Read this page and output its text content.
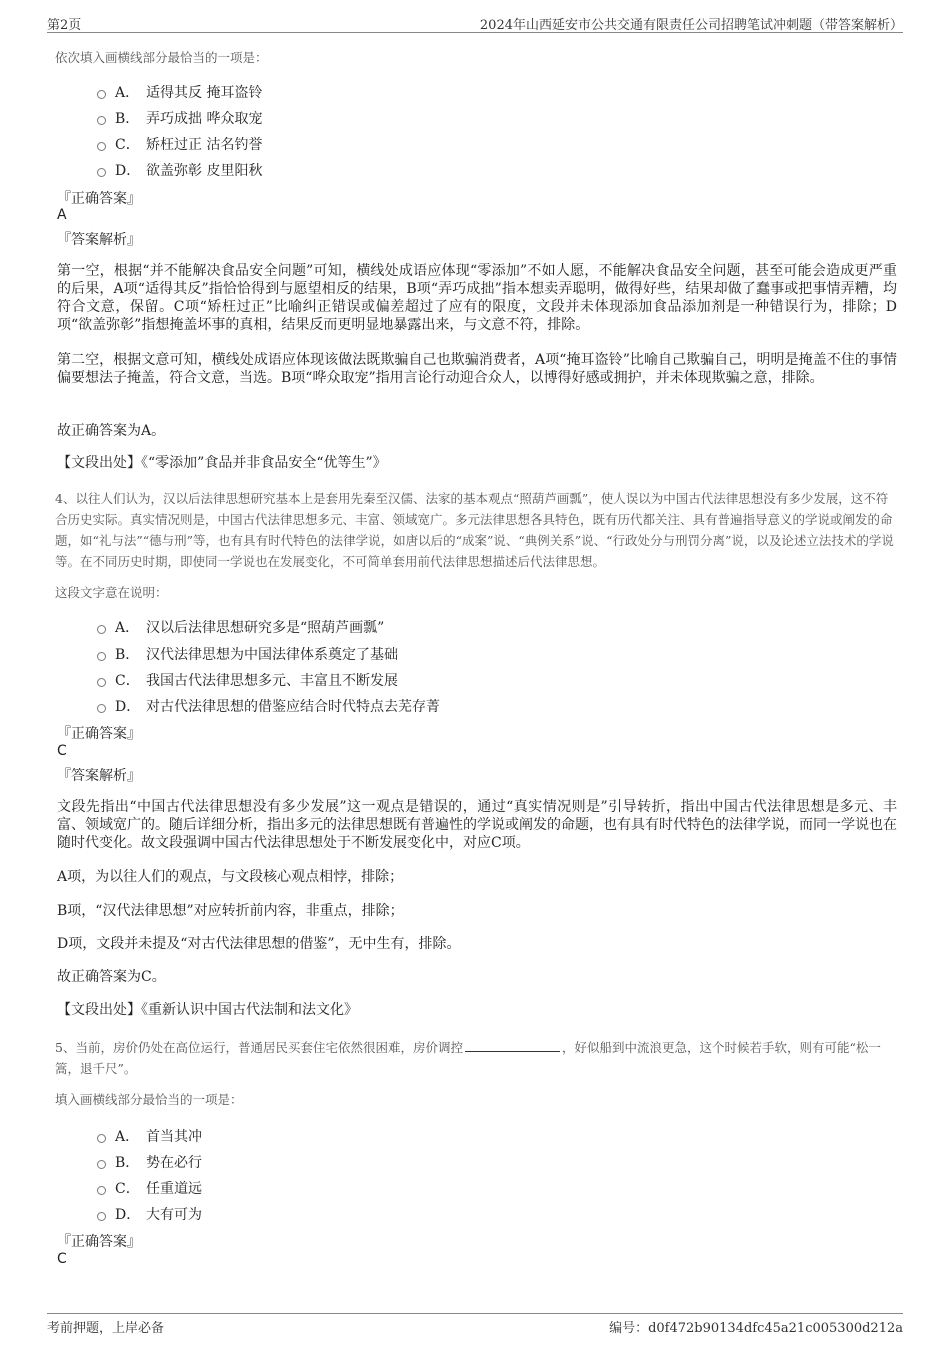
第2页	2024年山西延安市公共交通有限责任公司招聘笔试冲刺题（带答案解析）
依次填入画横线部分最恰当的一项是：
A． 适得其反 掩耳盗铃
B． 弄巧成拙 哗众取宠
C． 矫枉过正 沽名钓誉
D． 欲盖弥彰 皮里阳秋
『正确答案』
A
『答案解析』
第一空，根据“并不能解决食品安全问题”可知，横线处成语应体现“零添加”不如人愿，不能解决食品安全问题，甚至可能会造成更严重的后果，A项“适得其反”指恰恰得到与愿望相反的结果，B项“弄巧成拙”指本想卖弄聪明，做得好些，结果却做了蠢事或把事情弄糟，均符合文意，保留。C项“矫枉过正”比喻纠正错误或偏差超过了应有的限度，文段并未体现添加食品添加剂是一种错误行为，排除；D项“欲盖弥彰”指想掩盖坏事的真相，结果反而更明显地暴露出来，与文意不符，排除。
第二空，根据文意可知，横线处成语应体现该做法既欺骗自己也欺骗消费者，A项“掩耳盗铃”比喻自己欺骗自己，明明是掩盖不住的事情偏要想法子掩盖，符合文意，当选。B项“哗众取宠”指用言论行动迎合众人，以博得好感或拥护，并未体现欺骗之意，排除。
故正确答案为A。
【文段出处】《“零添加”食品并非食品安全“优等生”》
4、以往人们认为，汉以后法律思想研究基本上是套用先秦至汉儒、法家的基本观点“照葫芦画瓢”，使人误以为中国古代法律思想没有多少发展，这不符合历史实际。真实情况则是，中国古代法律思想多元、丰富、领域宽广。多元法律思想各具特色，既有历代都关注、具有普遍指导意义的学说或阐发的命题，如“礼与法”“德与刑”等，也有具有时代特色的法律学说，如唐以后的“成案”说、“典例关系”说、“行政处分与刑罚分离”说，以及论述立法技术的学说等。在不同历史时期，即使同一学说也在发展变化，不可简单套用前代法律思想描述后代法律思想。
这段文字意在说明：
A． 汉以后法律思想研究多是“照葫芦画瓢”
B． 汉代法律思想为中国法律体系奠定了基础
C． 我国古代法律思想多元、丰富且不断发展
D． 对古代法律思想的借鉴应结合时代特点去芜存菁
『正确答案』
C
『答案解析』
文段先指出“中国古代法律思想没有多少发展”这一观点是错误的，通过“真实情况则是”引导转折，指出中国古代法律思想是多元、丰富、领域宽广的。随后详细分析，指出多元的法律思想既有普遍性的学说或阐发的命题，也有具有时代特色的法律学说，而同一学说也在随时代变化。故文段强调中国古代法律思想处于不断发展变化中，对应C项。
A项，为以往人们的观点，与文段核心观点相悖，排除；
B项，“汉代法律思想”对应转折前内容，非重点，排除；
D项，文段并未提及“对古代法律思想的借鉴”，无中生有，排除。
故正确答案为C。
【文段出处】《重新认识中国古代法制和法文化》
5、当前，房价仍处在高位运行，普通居民买套住宅依然很困难，房价调控	，好似船到中流浪更急，这个时候若手软，则有可能“松一篙，退千尺”。
填入画横线部分最恰当的一项是：
A． 首当其冲
B． 势在必行
C． 任重道远
D． 大有可为
『正确答案』
C
考前押题，上岸必备	编号：d0f472b90134dfc45a21c005300d212a
